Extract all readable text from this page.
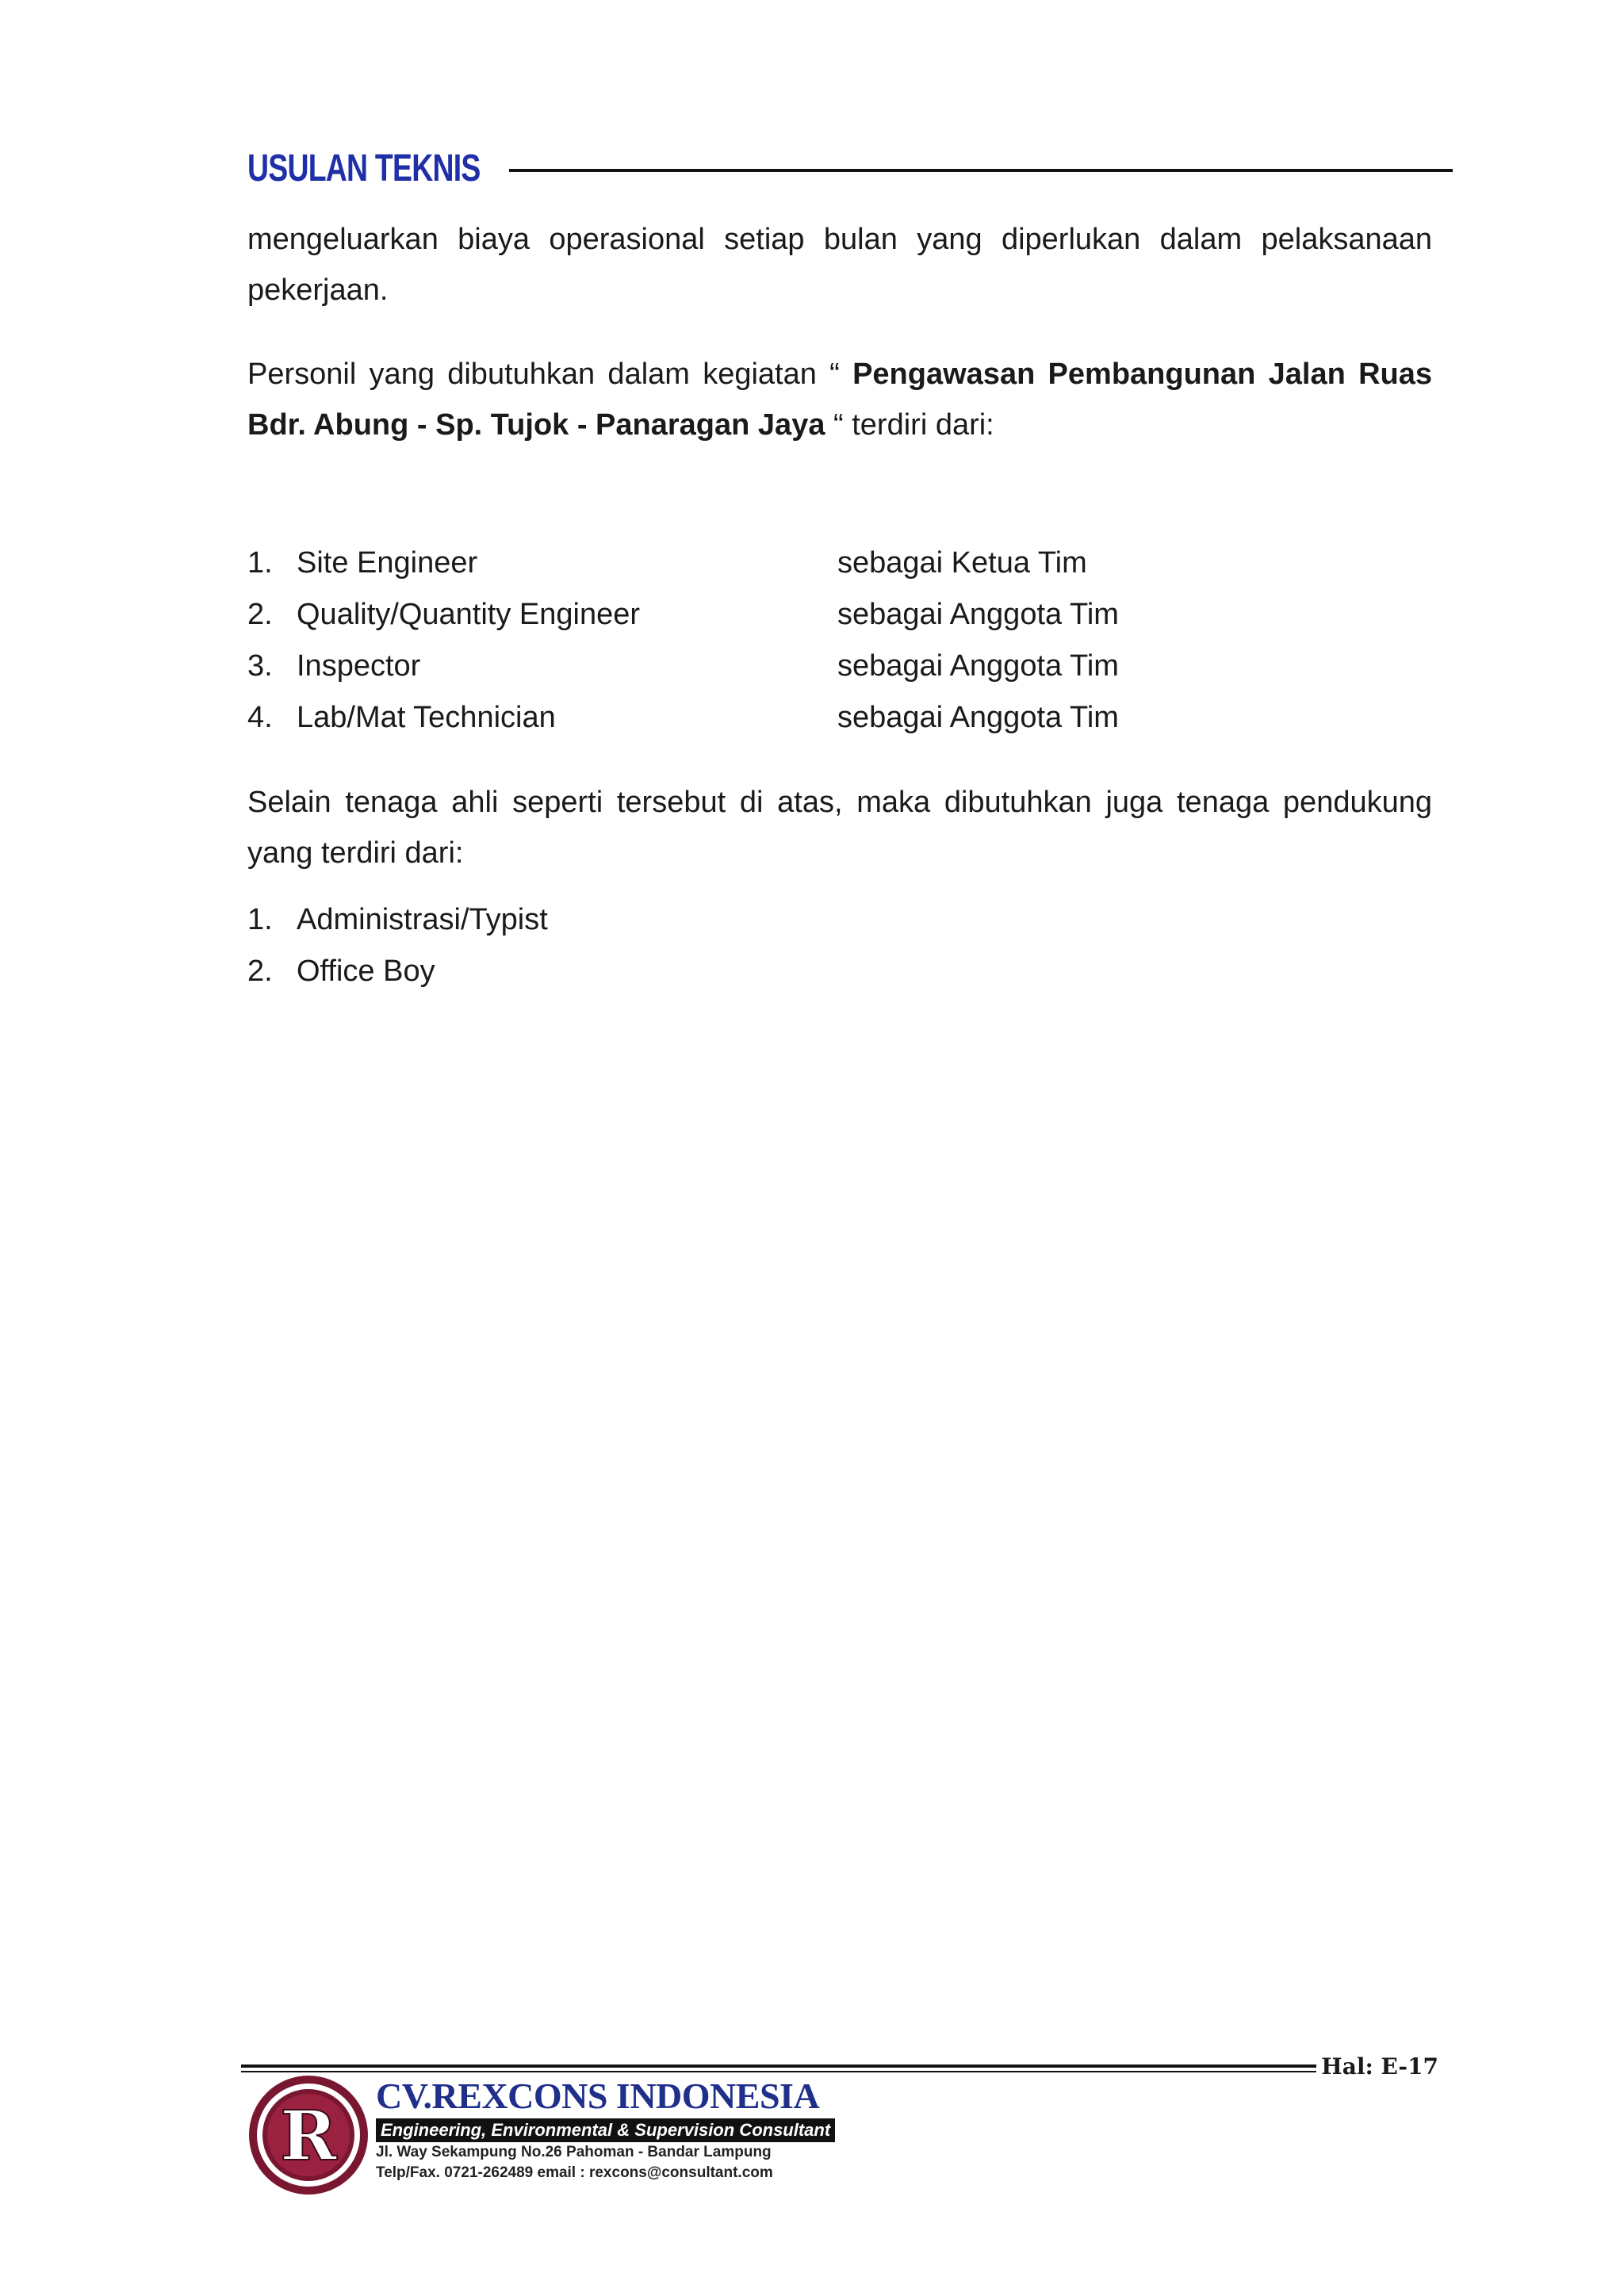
USULAN TEKNIS

mengeluarkan biaya operasional setiap bulan yang diperlukan dalam pelaksanaan pekerjaan.

Personil yang dibutuhkan dalam kegiatan “ Pengawasan Pembangunan Jalan Ruas Bdr. Abung - Sp. Tujok - Panaragan Jaya “ terdiri dari:

1. Site Engineer	sebagai Ketua Tim
2. Quality/Quantity Engineer	sebagai Anggota Tim
3. Inspector	sebagai Anggota Tim
4. Lab/Mat Technician	sebagai Anggota Tim

Selain tenaga ahli seperti tersebut di atas, maka dibutuhkan juga tenaga pendukung yang terdiri dari:

1. Administrasi/Typist
2. Office Boy
Hal: E-17
R
CV.REXCONS INDONESIA
Engineering, Environmental & Supervision Consultant
Jl. Way Sekampung No.26 Pahoman - Bandar Lampung
Telp/Fax. 0721-262489 email : rexcons@consultant.com
